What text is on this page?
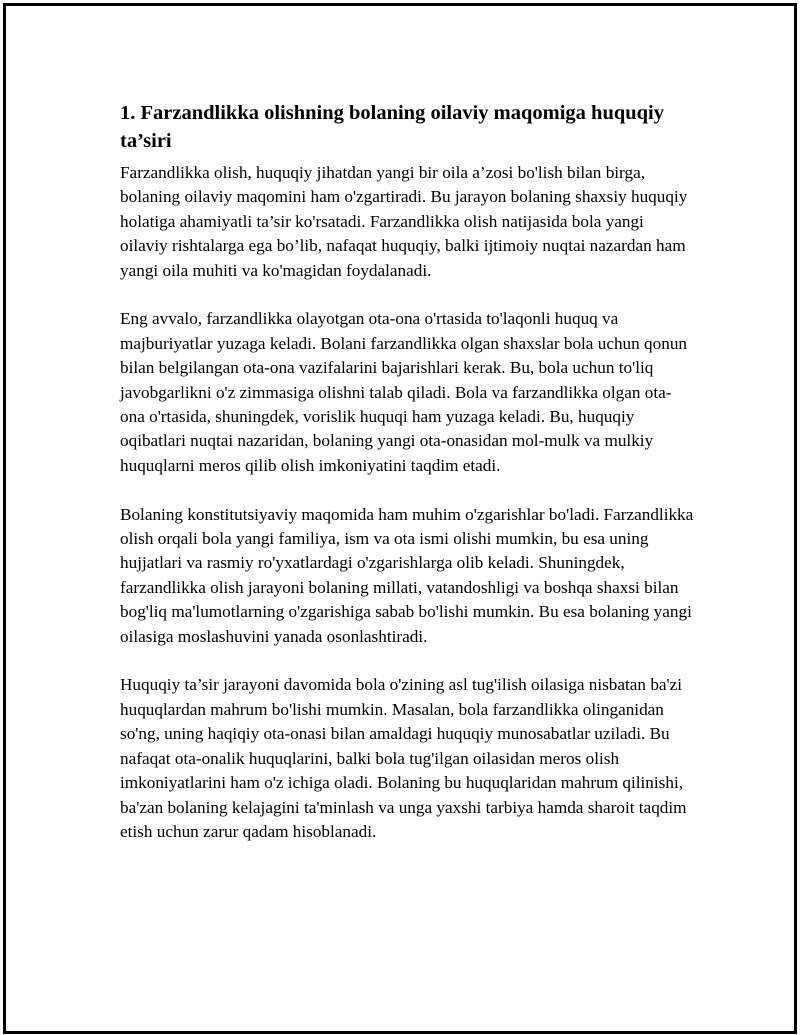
1. Farzandlikka olishning bolaning oilaviy maqomiga huquqiy ta’siri

Farzandlikka olish, huquqiy jihatdan yangi bir oila a’zosi bo'lish bilan birga, bolaning oilaviy maqomini ham o'zgartiradi. Bu jarayon bolaning shaxsiy huquqiy holatiga ahamiyatli ta’sir ko'rsatadi. Farzandlikka olish natijasida bola yangi oilaviy rishtalarga ega bo’lib, nafaqat huquqiy, balki ijtimoiy nuqtai nazardan ham yangi oila muhiti va ko'magidan foydalanadi.

Eng avvalo, farzandlikka olayotgan ota-ona o'rtasida to'laqonli huquq va majburiyatlar yuzaga keladi. Bolani farzandlikka olgan shaxslar bola uchun qonun bilan belgilangan ota-ona vazifalarini bajarishlari kerak. Bu, bola uchun to'liq javobgarlikni o'z zimmasiga olishni talab qiladi. Bola va farzandlikka olgan ota-ona o'rtasida, shuningdek, vorislik huquqi ham yuzaga keladi. Bu, huquqiy oqibatlari nuqtai nazaridan, bolaning yangi ota-onasidan mol-mulk va mulkiy huquqlarni meros qilib olish imkoniyatini taqdim etadi.

Bolaning konstitutsiyaviy maqomida ham muhim o'zgarishlar bo'ladi. Farzandlikka olish orqali bola yangi familiya, ism va ota ismi olishi mumkin, bu esa uning hujjatlari va rasmiy ro'yxatlardagi o'zgarishlarga olib keladi. Shuningdek, farzandlikka olish jarayoni bolaning millati, vatandoshligi va boshqa shaxsi bilan bog'liq ma'lumotlarning o'zgarishiga sabab bo'lishi mumkin. Bu esa bolaning yangi oilasiga moslashuvini yanada osonlashtiradi.

Huquqiy ta’sir jarayoni davomida bola o'zining asl tug'ilish oilasiga nisbatan ba'zi huquqlardan mahrum bo'lishi mumkin. Masalan, bola farzandlikka olinganidan so'ng, uning haqiqiy ota-onasi bilan amaldagi huquqiy munosabatlar uziladi. Bu nafaqat ota-onalik huquqlarini, balki bola tug'ilgan oilasidan meros olish imkoniyatlarini ham o'z ichiga oladi. Bolaning bu huquqlaridan mahrum qilinishi, ba'zan bolaning kelajagini ta'minlash va unga yaxshi tarbiya hamda sharoit taqdim etish uchun zarur qadam hisoblanadi.
